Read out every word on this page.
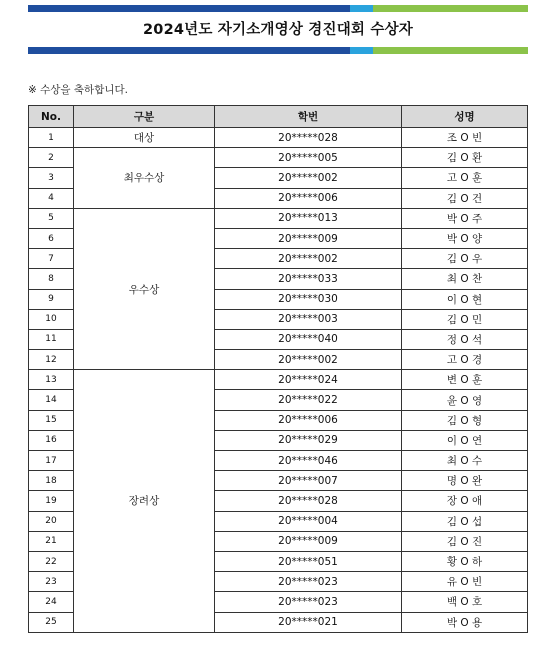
2024년도 자기소개영상 경진대회 수상자
※ 수상을 축하합니다.
No.	구분	학번	성명
1	대상	20*****028	조 O 빈
2	최우수상	20*****005	김 O 환
3		20*****002	고 O 훈
4		20*****006	김 O 건
5	우수상	20*****013	박 O 주
6		20*****009	박 O 양
7		20*****002	김 O 우
8		20*****033	최 O 찬
9		20*****030	이 O 현
10		20*****003	김 O 민
11		20*****040	정 O 석
12		20*****002	고 O 경
13	장려상	20*****024	변 O 훈
14		20*****022	윤 O 영
15		20*****006	김 O 형
16		20*****029	이 O 연
17		20*****046	최 O 수
18		20*****007	명 O 완
19		20*****028	장 O 애
20		20*****004	김 O 섭
21		20*****009	김 O 진
22		20*****051	황 O 하
23		20*****023	유 O 빈
24		20*****023	백 O 호
25		20*****021	박 O 용
